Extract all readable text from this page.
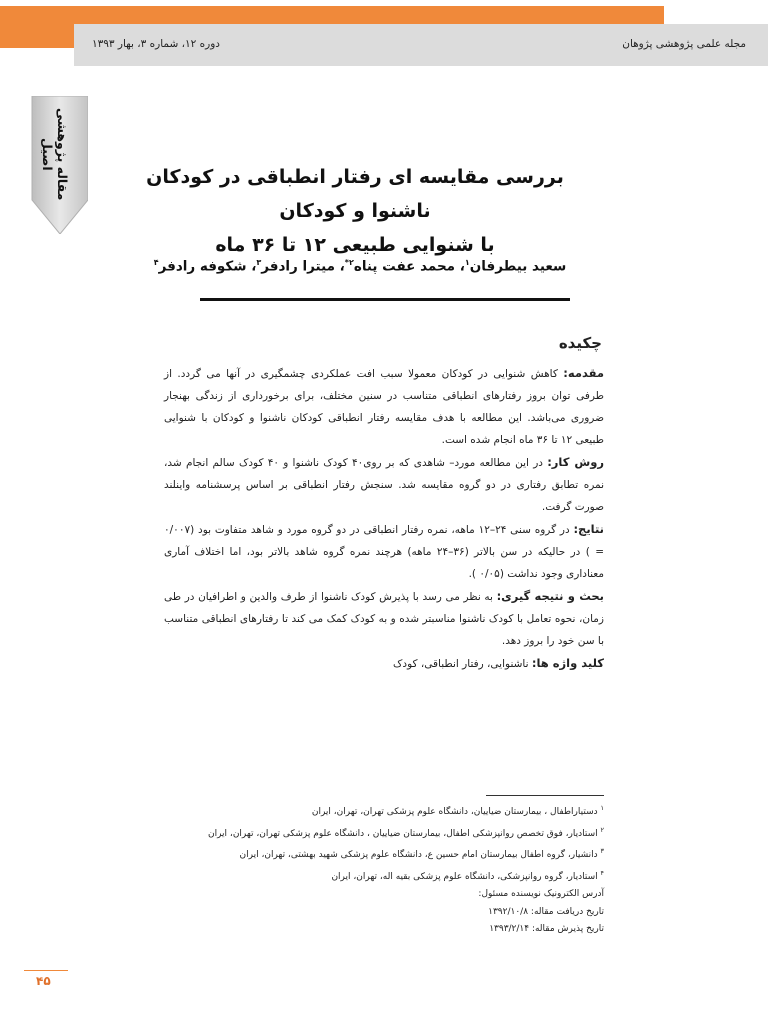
مجله علمی پژوهشی پژوهان
دوره ۱۲، شماره ۳، بهار ۱۳۹۳
مقاله پژوهشی اصیل
بررسی مقایسه ای رفتار انطباقی در کودکان ناشنوا و کودکان
با شنوایی طبیعی ۱۲ تا ۳۶ ماه
سعید بیطرفان$^۱$، محمد عفت پناه$^{۲*}$، میترا رادفر$^۳$، شکوفه رادفر$^۴$
چکیده

مقدمه: کاهش شنوایی در کودکان معمولا سبب افت عملکردی چشمگیری در آنها می گردد. از طرفی توان بروز رفتارهای انطباقی متناسب در سنین مختلف، برای برخورداری از زندگی بهنجار ضروری می‌باشد. این مطالعه با هدف مقایسه رفتار انطباقی کودکان ناشنوا و کودکان با شنوایی طبیعی ۱۲ تا ۳۶ ماه انجام شده است.

روش کار: در این مطالعه مورد– شاهدی که بر روی۴۰ کودک ناشنوا و ۴۰ کودک سالم انجام شد، نمره تطابق رفتاری در دو گروه مقایسه شد. سنجش رفتار انطباقی بر اساس پرسشنامه واینلند صورت گرفت.

نتایج: در گروه سنی ۲۴–۱۲ ماهه، نمره رفتار انطباقی در دو گروه مورد و شاهد متفاوت بود (۰/۰۰۷ = ) در حالیکه در سن بالاتر (۳۶–۲۴ ماهه) هرچند نمره گروه شاهد بالاتر بود، اما اختلاف آماری معناداری وجود نداشت (۰/۰۵ ).

بحث و نتیجه گیری: به نظر می رسد با پذیرش کودک ناشنوا از طرف والدین و اطرافیان در طی زمان، نحوه تعامل با کودک ناشنوا مناسبتر شده و به کودک کمک می کند تا رفتارهای انطباقی متناسب با سن خود را بروز دهد.

کلید واژه ها: ناشنوایی، رفتار انطباقی، کودک
$^۱$ دستیاراطفال ، بیمارستان ضیاییان، دانشگاه علوم پزشکی تهران، تهران، ایران
$^۲$ استادیار، فوق تخصص روانپزشکی اطفال، بیمارستان ضیاییان ، دانشگاه علوم پزشکی تهران، تهران، ایران
$^۳$ دانشیار، گروه اطفال بیمارستان امام حسین ع، دانشگاه علوم پزشکی شهید بهشتی، تهران، ایران
$^۴$ استادیار، گروه روانپزشکی، دانشگاه علوم پزشکی بقیه اله، تهران، ایران
آدرس الکترونیک نویسنده مسئول:
تاریخ دریافت مقاله: ۱۳۹۲/۱۰/۸
تاریخ پذیرش مقاله: ۱۳۹۳/۲/۱۴
۴۵
